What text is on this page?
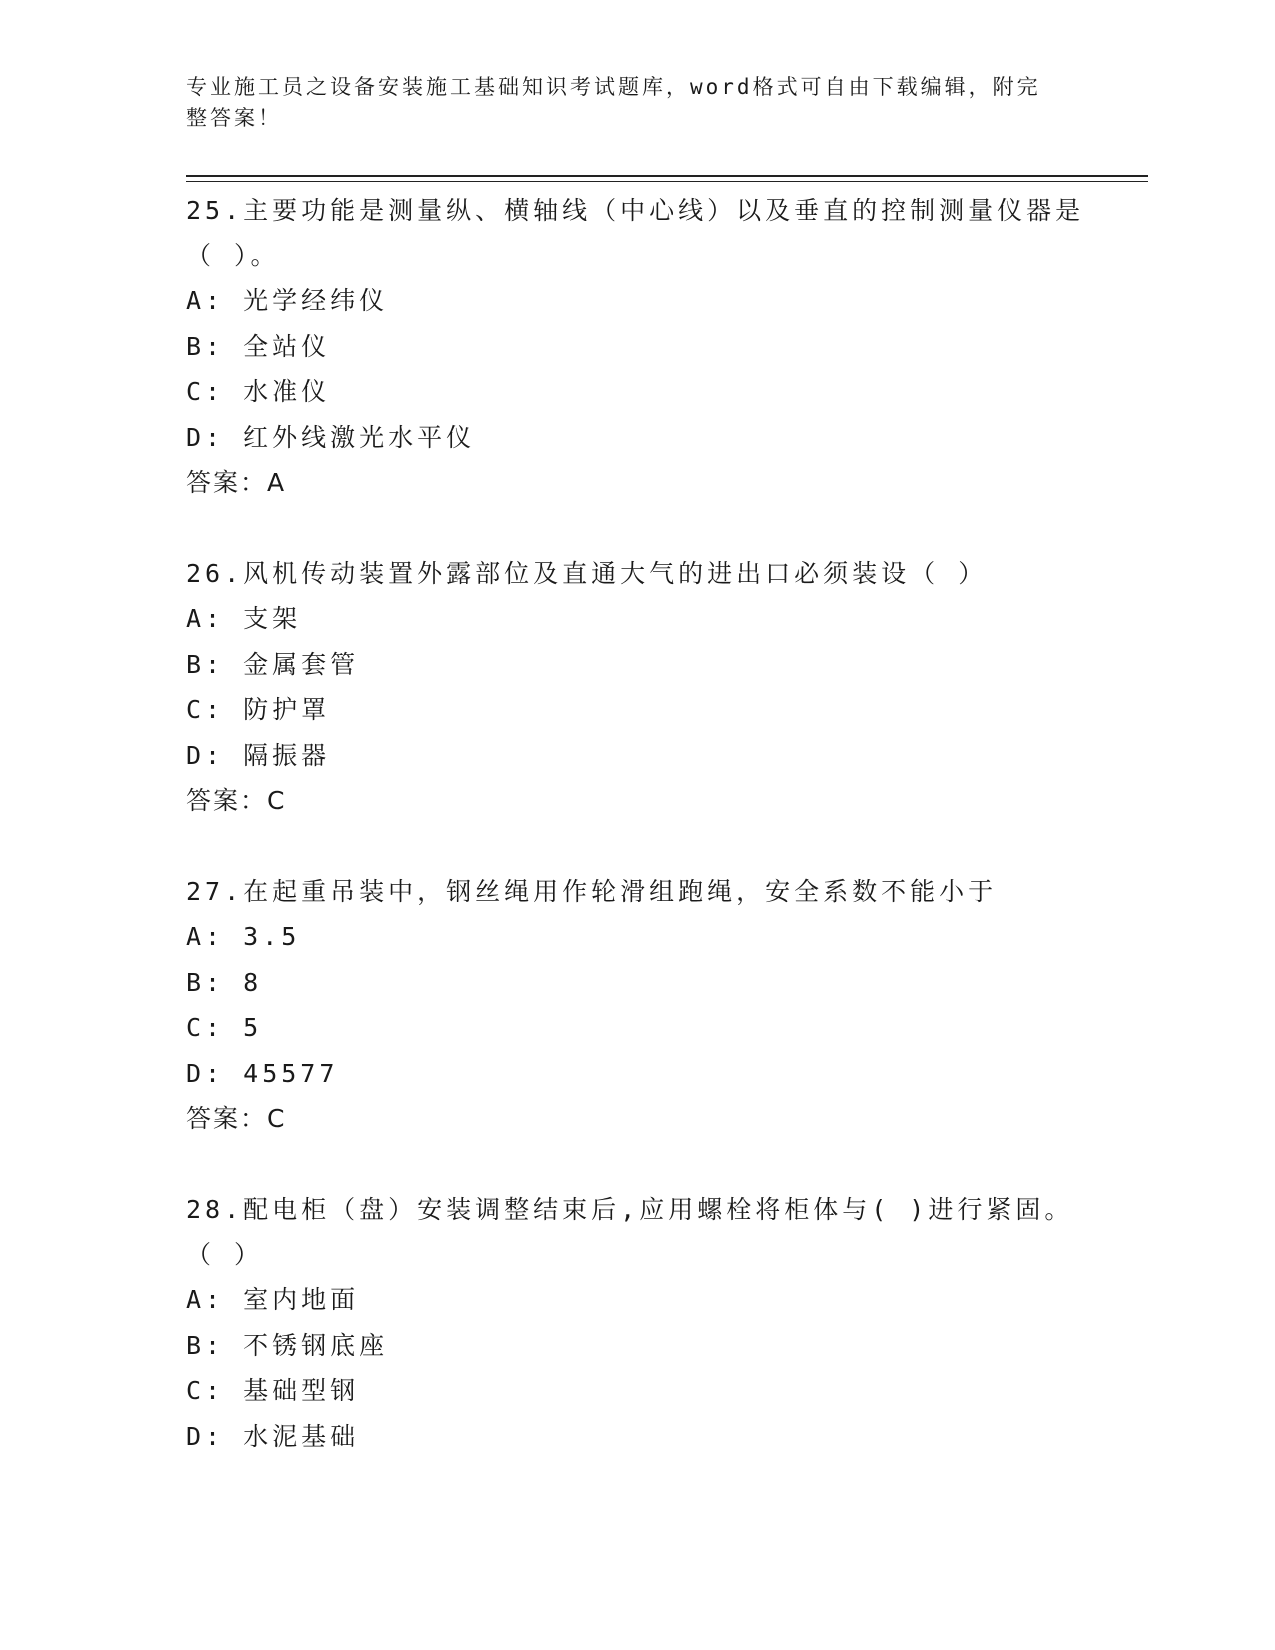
专业施工员之设备安装施工基础知识考试题库，word格式可自由下载编辑，附完整答案！

25.主要功能是测量纵、横轴线（中心线）以及垂直的控制测量仪器是（ ）。

A: 光学经纬仪

B: 全站仪

C: 水准仪

D: 红外线激光水平仪

答案：A

26.风机传动装置外露部位及直通大气的进出口必须装设（ ）

A: 支架

B: 金属套管

C: 防护罩

D: 隔振器

答案：C

27.在起重吊装中，钢丝绳用作轮滑组跑绳，安全系数不能小于

A: 3.5

B: 8

C: 5

D: 45577

答案：C

28.配电柜（盘）安装调整结束后,应用螺栓将柜体与( )进行紧固。（ ）

A: 室内地面

B: 不锈钢底座

C: 基础型钢

D: 水泥基础
